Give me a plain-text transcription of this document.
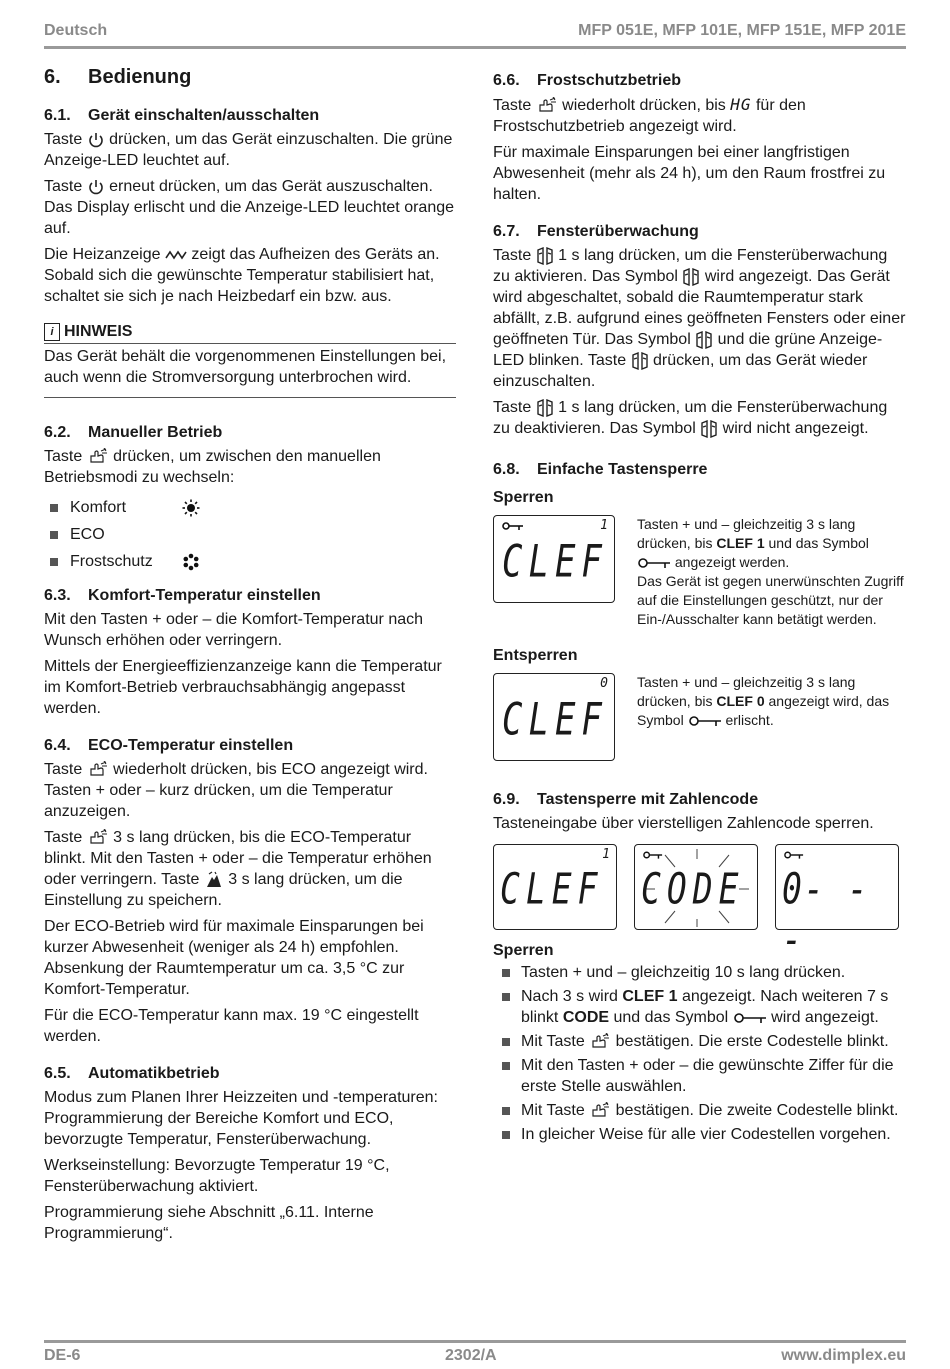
Deutsch	MFP 051E, MFP 101E, MFP 151E, MFP 201E
6. Bedienung
6.1. Gerät einschalten/ausschalten

Taste drücken, um das Gerät einzuschalten. Die grüne Anzeige-LED leuchtet auf.

Taste erneut drücken, um das Gerät auszuschalten. Das Display erlischt und die Anzeige-LED leuchtet orange auf.

Die Heizanzeige zeigt das Aufheizen des Geräts an. Sobald sich die gewünschte Temperatur stabilisiert hat, schaltet sie sich je nach Heizbedarf ein bzw. aus.

i HINWEIS

Das Gerät behält die vorgenommenen Einstellungen bei, auch wenn die Stromversorgung unterbrochen wird.

6.2. Manueller Betrieb

Taste drücken, um zwischen den manuellen Betriebsmodi zu wechseln:

Komfort
ECO
Frostschutz
6.3. Komfort-Temperatur einstellen

Mit den Tasten + oder – die Komfort-Temperatur nach Wunsch erhöhen oder verringern.

Mittels der Energieeffizienzanzeige kann die Temperatur im Komfort-Betrieb verbrauchsabhängig angepasst werden.

6.4. ECO-Temperatur einstellen

Taste wiederholt drücken, bis ECO angezeigt wird. Tasten + oder – kurz drücken, um die Temperatur anzuzeigen.

Taste 3 s lang drücken, bis die ECO-Temperatur blinkt. Mit den Tasten + oder – die Temperatur erhöhen oder verringern. Taste 3 s lang drücken, um die Einstellung zu speichern.

Der ECO-Betrieb wird für maximale Einsparungen bei kurzer Abwesenheit (weniger als 24 h) empfohlen. Absenkung der Raumtemperatur um ca. 3,5 °C zur Komfort-Temperatur.

Für die ECO-Temperatur kann max. 19 °C eingestellt werden.

6.5. Automatikbetrieb

Modus zum Planen Ihrer Heizzeiten und -temperaturen: Programmierung der Bereiche Komfort und ECO, bevorzugte Temperatur, Fensterüberwachung.

Werkseinstellung: Bevorzugte Temperatur 19 °C, Fensterüberwachung aktiviert.

Programmierung siehe Abschnitt „6.11. Interne Programmierung“.

6.6. Frostschutzbetrieb

Taste wiederholt drücken, bis HG für den Frostschutzbetrieb angezeigt wird.

Für maximale Einsparungen bei einer langfristigen Abwesenheit (mehr als 24 h), um den Raum frostfrei zu halten.

6.7. Fensterüberwachung

Taste 1 s lang drücken, um die Fensterüberwachung zu aktivieren. Das Symbol wird angezeigt. Das Gerät wird abgeschaltet, sobald die Raumtemperatur stark abfällt, z.B. aufgrund eines geöffneten Fensters oder einer geöffneten Tür. Das Symbol und die grüne Anzeige-LED blinken. Taste drücken, um das Gerät wieder einzuschalten.

Taste 1 s lang drücken, um die Fensterüberwachung zu deaktivieren. Das Symbol wird nicht angezeigt.

6.8. Einfache Tastensperre
Sperren
1
CLEF
Tasten + und – gleichzeitig 3 s lang drücken, bis CLEF 1 und das Symbol
angezeigt werden.
Das Gerät ist gegen unerwünschten Zugriff auf die Einstellungen geschützt, nur der Ein-/Ausschalter kann betätigt werden.
Entsperren
0
CLEF
Tasten + und – gleichzeitig 3 s lang drücken, bis CLEF 0 angezeigt wird, das Symbol	erlischt.
6.9. Tastensperre mit Zahlencode

Tasteneingabe über vierstelligen Zahlencode sperren.

1
CLEF CODE 0- - -
Sperren
Tasten + und – gleichzeitig 10 s lang drücken.
Nach 3 s wird CLEF 1 angezeigt. Nach weiteren 7 s blinkt CODE und das Symbol	wird angezeigt.
Mit Taste bestätigen. Die erste Codestelle blinkt.
Mit den Tasten + oder – die gewünschte Ziffer für die erste Stelle auswählen.
Mit Taste bestätigen. Die zweite Codestelle blinkt.
In gleicher Weise für alle vier Codestellen vorgehen.
DE-6	2302/A	www.dimplex.eu
